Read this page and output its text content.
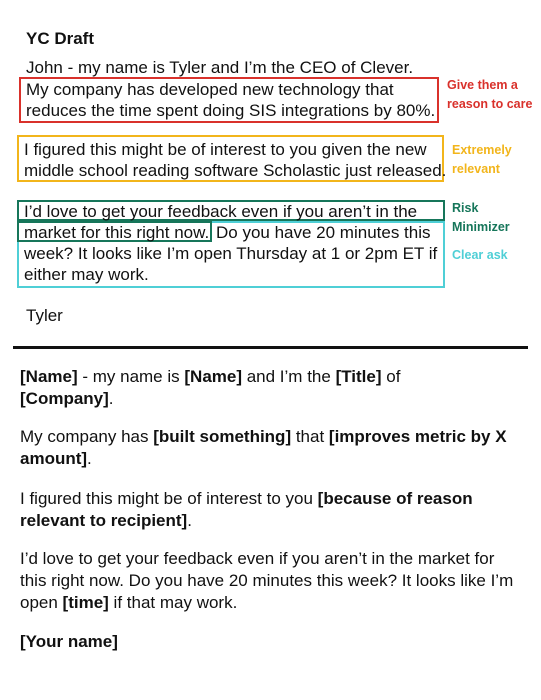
YC Draft
John - my name is Tyler and I’m the CEO of Clever.
My company has developed new technology that
reduces the time spent doing SIS integrations by 80%.
Give them a
reason to care
I figured this might be of interest to you given the new
middle school reading software Scholastic just released.
Extremely
relevant
I’d love to get your feedback even if you aren’t in the
market for this right now. Do you have 20 minutes this
week? It looks like I’m open Thursday at 1 or 2pm ET if
either may work.
Risk
Minimizer
Clear ask
Tyler
[Name] - my name is [Name] and I’m the [Title] of
[Company].
My company has [built something] that [improves metric by X amount].
I figured this might be of interest to you [because of reason relevant to recipient].
I’d love to get your feedback even if you aren’t in the market for this right now. Do you have 20 minutes this week? It looks like I’m open [time] if that may work.
[Your name]
